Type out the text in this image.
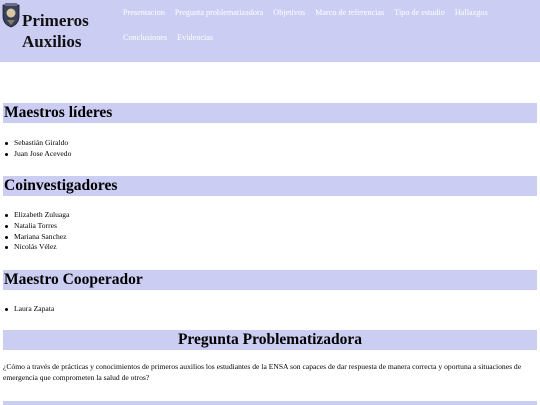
Primeros
Auxilios
Presentacion Pregunta problematizadora Objetivos Marco de referencias Tipo de estudio HallazgosConclusiones Evidencias
Maestros líderes
Sebastián Giraldo
Juan Jose Acevedo
Coinvestigadores
Elizabeth Zuluaga
Natalia Torres
Mariana Sanchez
Nicolás Vélez
Maestro Cooperador
Laura Zapata
Pregunta Problematizadora

¿Cómo a través de prácticas y conocimientos de primeros auxilios los estudiantes de la ENSA son capaces de dar respuesta de manera correcta y oportuna a situaciones de emergencia que comprometen la salud de otros?
